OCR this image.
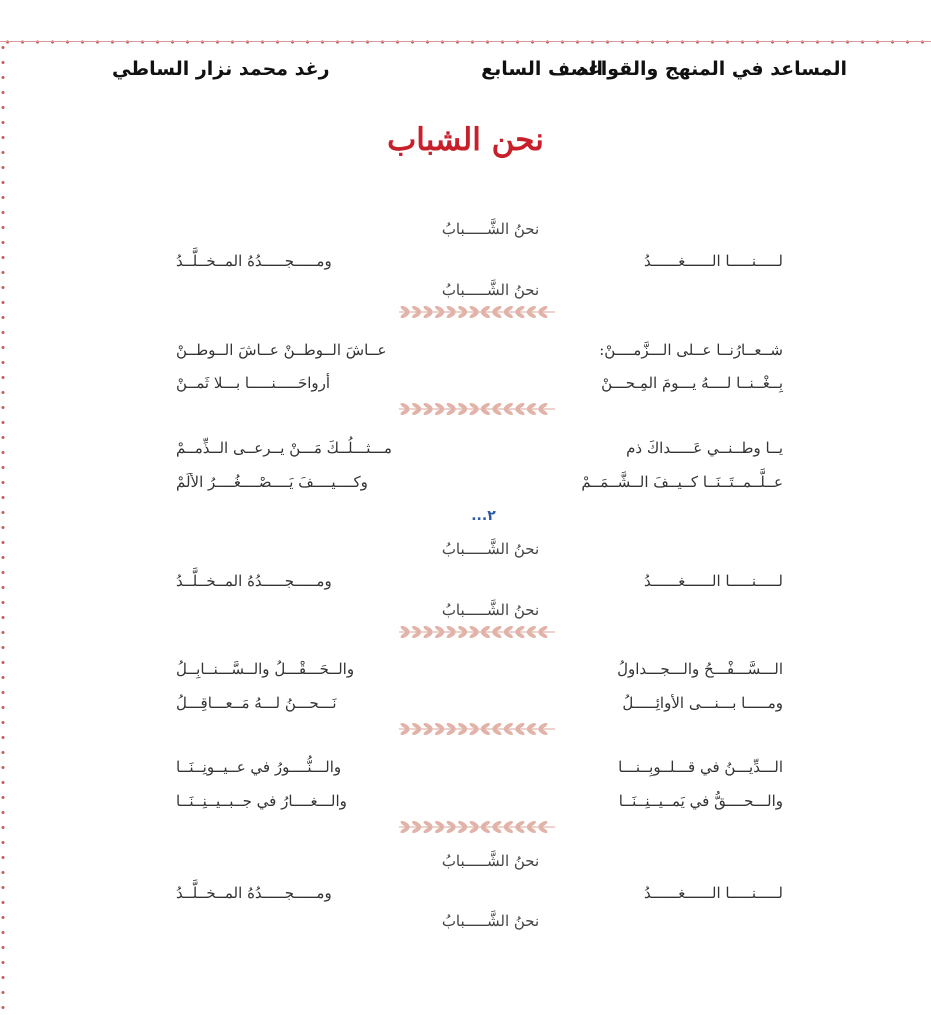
المساعد في المنهج والقواعد
الصف السابع
رغد محمد نزار الساطي
نحن الشباب
نحنُ الشَّـــــبابُ
لـــــنـــــا الــــــغــــــدُ
ومـــــجـــــدُهُ المــخــلَّــدُ
نحنُ الشَّـــــبابُ
شــعــارُنــا عــلى الـــزَّمــــنْ:
عــاشَ الــوطــنْ عــاشَ الــوطــنْ
بِــغْــنــا لــــهُ يـــومَ المِـحـــنْ
أرواحَـــــنـــــا بـــلا ثَمــنْ
يــا وطــنــي عَـــــداكَ ذم
مـــثـــلُــكَ مَـــنْ يــرعــى الــذِّمــمْ
عــلَّــمــتَــنَــا كــيــفَ الــشَّــمَــمْ
وكــــيــــفَ يَــــصْــــغُــــرُ الألَمْ
٢...
نحنُ الشَّـــــبابُ
لـــــنـــــا الــــــغــــــدُ
ومـــــجـــــدُهُ المــخــلَّــدُ
نحنُ الشَّـــــبابُ
الـــسَّـــفْـــحُ والـــجـــداولُ
والــحَـــقْـــلُ والــسَّـــنــابِــلُ
ومـــــا بـــنـــى الأوائِـــــلُ
نَـــحـــنُ لـــهُ مَــعـــاقِـــلُ
الـــدِّيـــنُ في قـــلــوبِــنـــا
والـــنُّــــورُ في عــيــونِــنَــا
والـــحــــقُّ في يَمــيــنِــنَــا
والـــغــــارُ في جــبــيــنِــنَــا
نحنُ الشَّـــــبابُ
لـــــنـــــا الــــــغــــــدُ
ومـــــجـــــدُهُ المــخــلَّــدُ
نحنُ الشَّـــــبابُ
